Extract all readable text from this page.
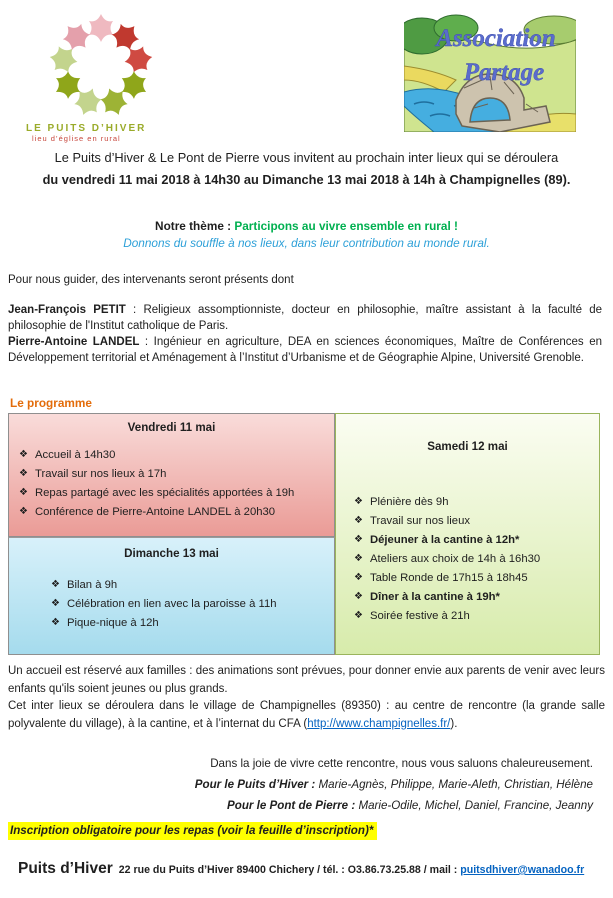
LE PUITS D’HIVER
lieu d’église en rural
Association
Partage
Le Puits d’Hiver & Le Pont de Pierre vous invitent au prochain inter lieux qui se déroulera
du vendredi 11 mai 2018 à 14h30 au Dimanche 13 mai 2018 à 14h à Champignelles (89).
Notre thème : Participons au vivre ensemble en rural !
Donnons du souffle à nos lieux, dans leur contribution au monde rural.
Pour nous guider, des intervenants seront présents dont
Jean-François PETIT : Religieux assomptionniste, docteur en philosophie, maître assistant à la faculté de philosophie de l'Institut catholique de Paris.
Pierre-Antoine LANDEL : Ingénieur en agriculture, DEA en sciences économiques, Maître de Conférences en Développement territorial et Aménagement à l’Institut d’Urbanisme et de Géographie Alpine, Université Grenoble.
Le programme
Vendredi 11 mai
❖ Accueil à 14h30
❖ Travail sur nos lieux à 17h
❖ Repas partagé avec les spécialités apportées à 19h
❖ Conférence de Pierre-Antoine LANDEL à 20h30
Dimanche 13 mai
❖ Bilan à 9h
❖ Célébration en lien avec la paroisse à 11h
❖ Pique-nique à 12h
Samedi 12 mai
❖ Plénière dès 9h
❖ Travail sur nos lieux
❖ Déjeuner à la cantine à 12h*
❖ Ateliers aux choix de 14h à 16h30
❖ Table Ronde de 17h15 à 18h45
❖ Dîner à la cantine à 19h*
❖ Soirée festive à 21h
Un accueil est réservé aux familles : des animations sont prévues, pour donner envie aux parents de venir avec leurs enfants qu'ils soient jeunes ou plus grands.
Cet inter lieux se déroulera dans le village de Champignelles (89350) : au centre de rencontre (la grande salle polyvalente du village), à la cantine, et à l’internat du CFA (http://www.champignelles.fr/).
Dans la joie de vivre cette rencontre, nous vous saluons chaleureusement.
Pour le Puits d’Hiver : Marie-Agnès, Philippe, Marie-Aleth, Christian, Hélène
Pour le Pont de Pierre : Marie-Odile, Michel, Daniel, Francine, Jeanny
Inscription obligatoire pour les repas (voir la feuille d’inscription)*
Puits d’Hiver 22 rue du Puits d’Hiver 89400 Chichery / tél. : O3.86.73.25.88 / mail : puitsdhiver@wanadoo.fr
